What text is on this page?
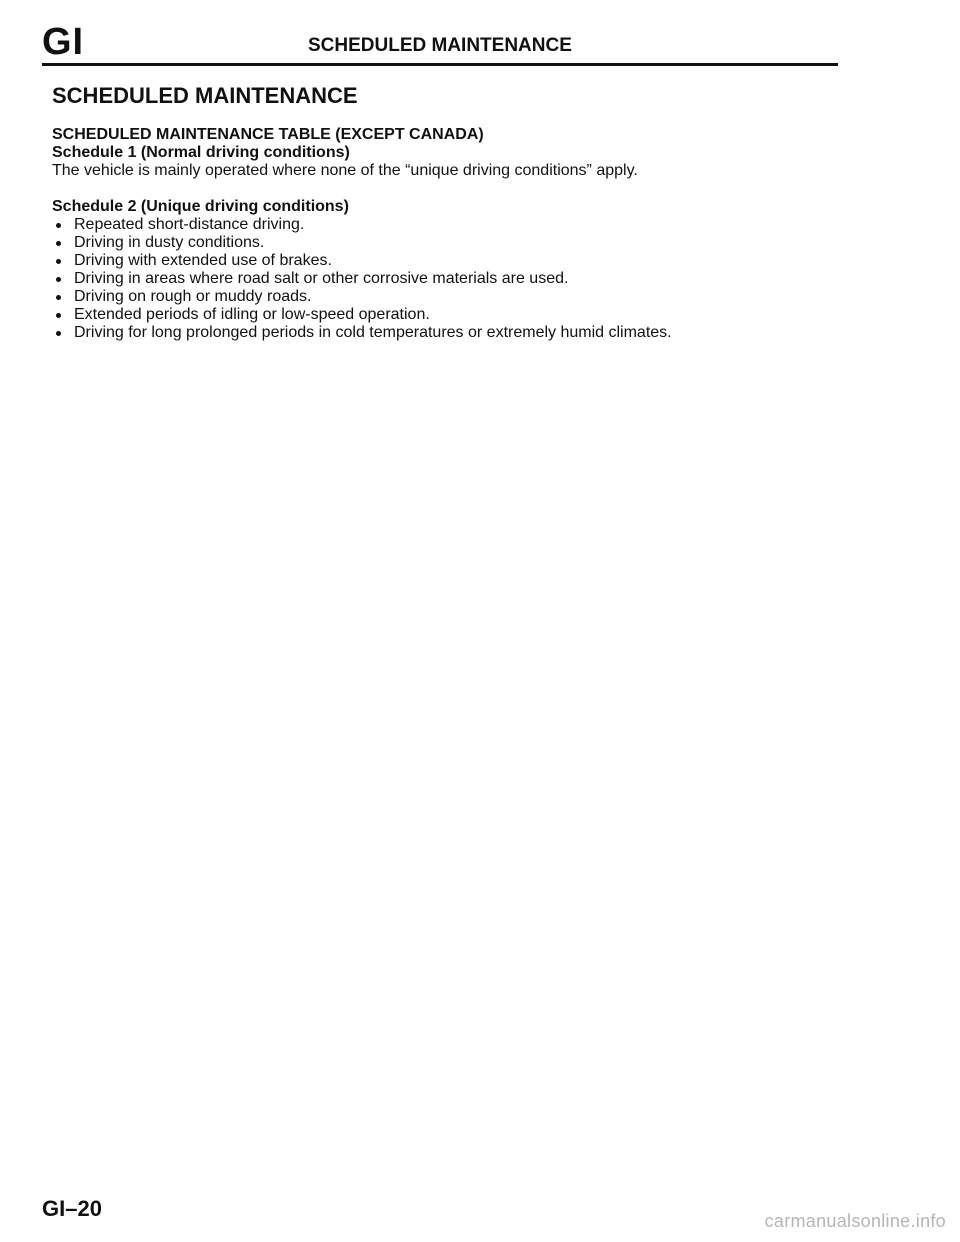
GI	SCHEDULED MAINTENANCE
SCHEDULED MAINTENANCE

SCHEDULED MAINTENANCE TABLE (EXCEPT CANADA)

Schedule 1 (Normal driving conditions)

The vehicle is mainly operated where none of the “unique driving conditions” apply.

Schedule 2 (Unique driving conditions)

Repeated short-distance driving.
Driving in dusty conditions.
Driving with extended use of brakes.
Driving in areas where road salt or other corrosive materials are used.
Driving on rough or muddy roads.
Extended periods of idling or low-speed operation.
Driving for long prolonged periods in cold temperatures or extremely humid climates.
GI–20	carmanualsonline.info
